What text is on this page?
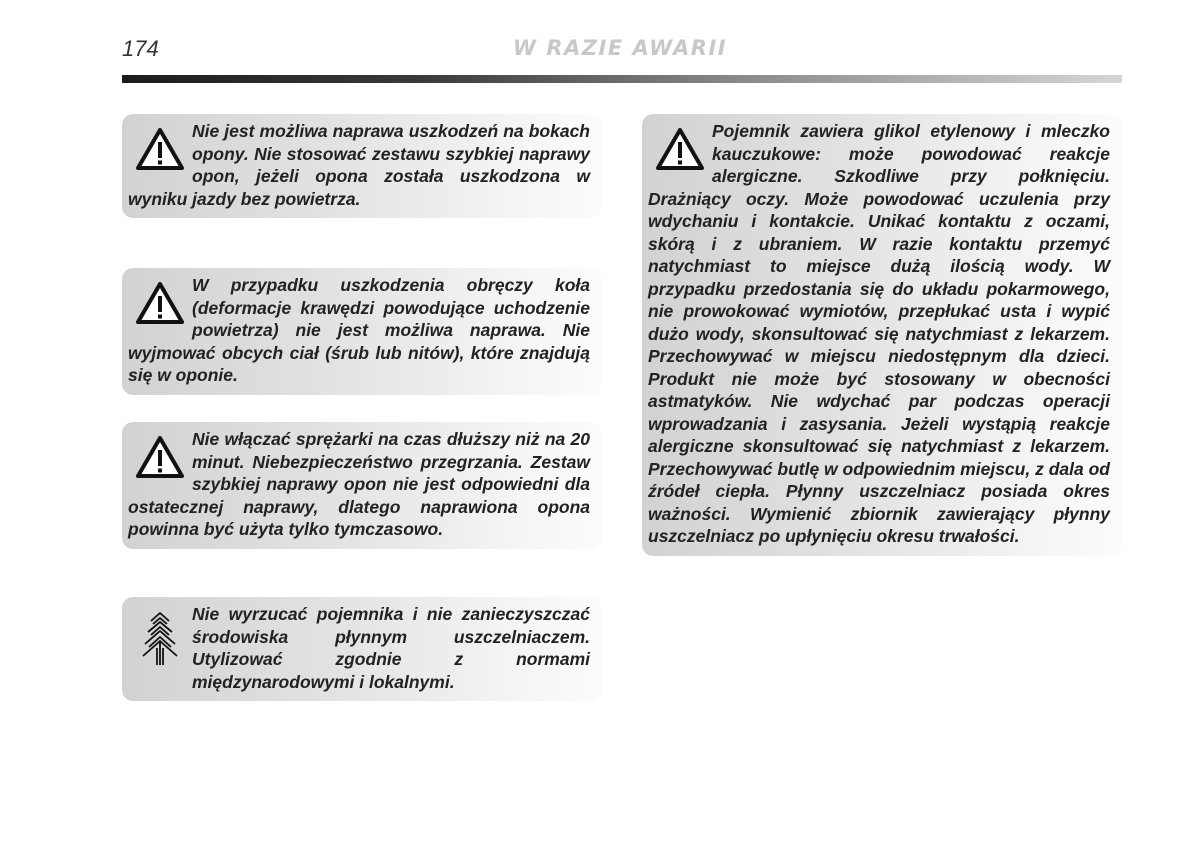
174	W RAZIE AWARII

Nie jest możliwa naprawa uszkodzeń na bokach opony. Nie stosować zestawu szybkiej naprawy opon, jeżeli opona została uszkodzona w wyniku jazdy bez powietrza.

W przypadku uszkodzenia obręczy koła (deformacje krawędzi powodujące uchodzenie powietrza) nie jest możliwa naprawa. Nie wyjmować obcych ciał (śrub lub nitów), które znajdują się w oponie.

Nie włączać sprężarki na czas dłuższy niż na 20 minut. Niebezpieczeństwo przegrzania. Zestaw szybkiej naprawy opon nie jest odpowiedni dla ostatecznej naprawy, dlatego naprawiona opona powinna być użyta tylko tymczasowo.

Nie wyrzucać pojemnika i nie zanieczyszczać środowiska płynnym uszczelniaczem. Utylizować zgodnie z normami międzynarodowymi i lokalnymi.

Pojemnik zawiera glikol etylenowy i mleczko kauczukowe: może powodować reakcje alergiczne. Szkodliwe przy połknięciu. Drażniący oczy. Może powodować uczulenia przy wdychaniu i kontakcie. Unikać kontaktu z oczami, skórą i z ubraniem. W razie kontaktu przemyć natychmiast to miejsce dużą ilością wody. W przypadku przedostania się do układu pokarmowego, nie prowokować wymiotów, przepłukać usta i wypić dużo wody, skonsultować się natychmiast z lekarzem. Przechowywać w miejscu niedostępnym dla dzieci. Produkt nie może być stosowany w obecności astmatyków. Nie wdychać par podczas operacji wprowadzania i zasysania. Jeżeli wystąpią reakcje alergiczne skonsultować się natychmiast z lekarzem. Przechowywać butlę w odpowiednim miejscu, z dala od źródeł ciepła. Płynny uszczelniacz posiada okres ważności. Wymienić zbiornik zawierający płynny uszczelniacz po upłynięciu okresu trwałości.
